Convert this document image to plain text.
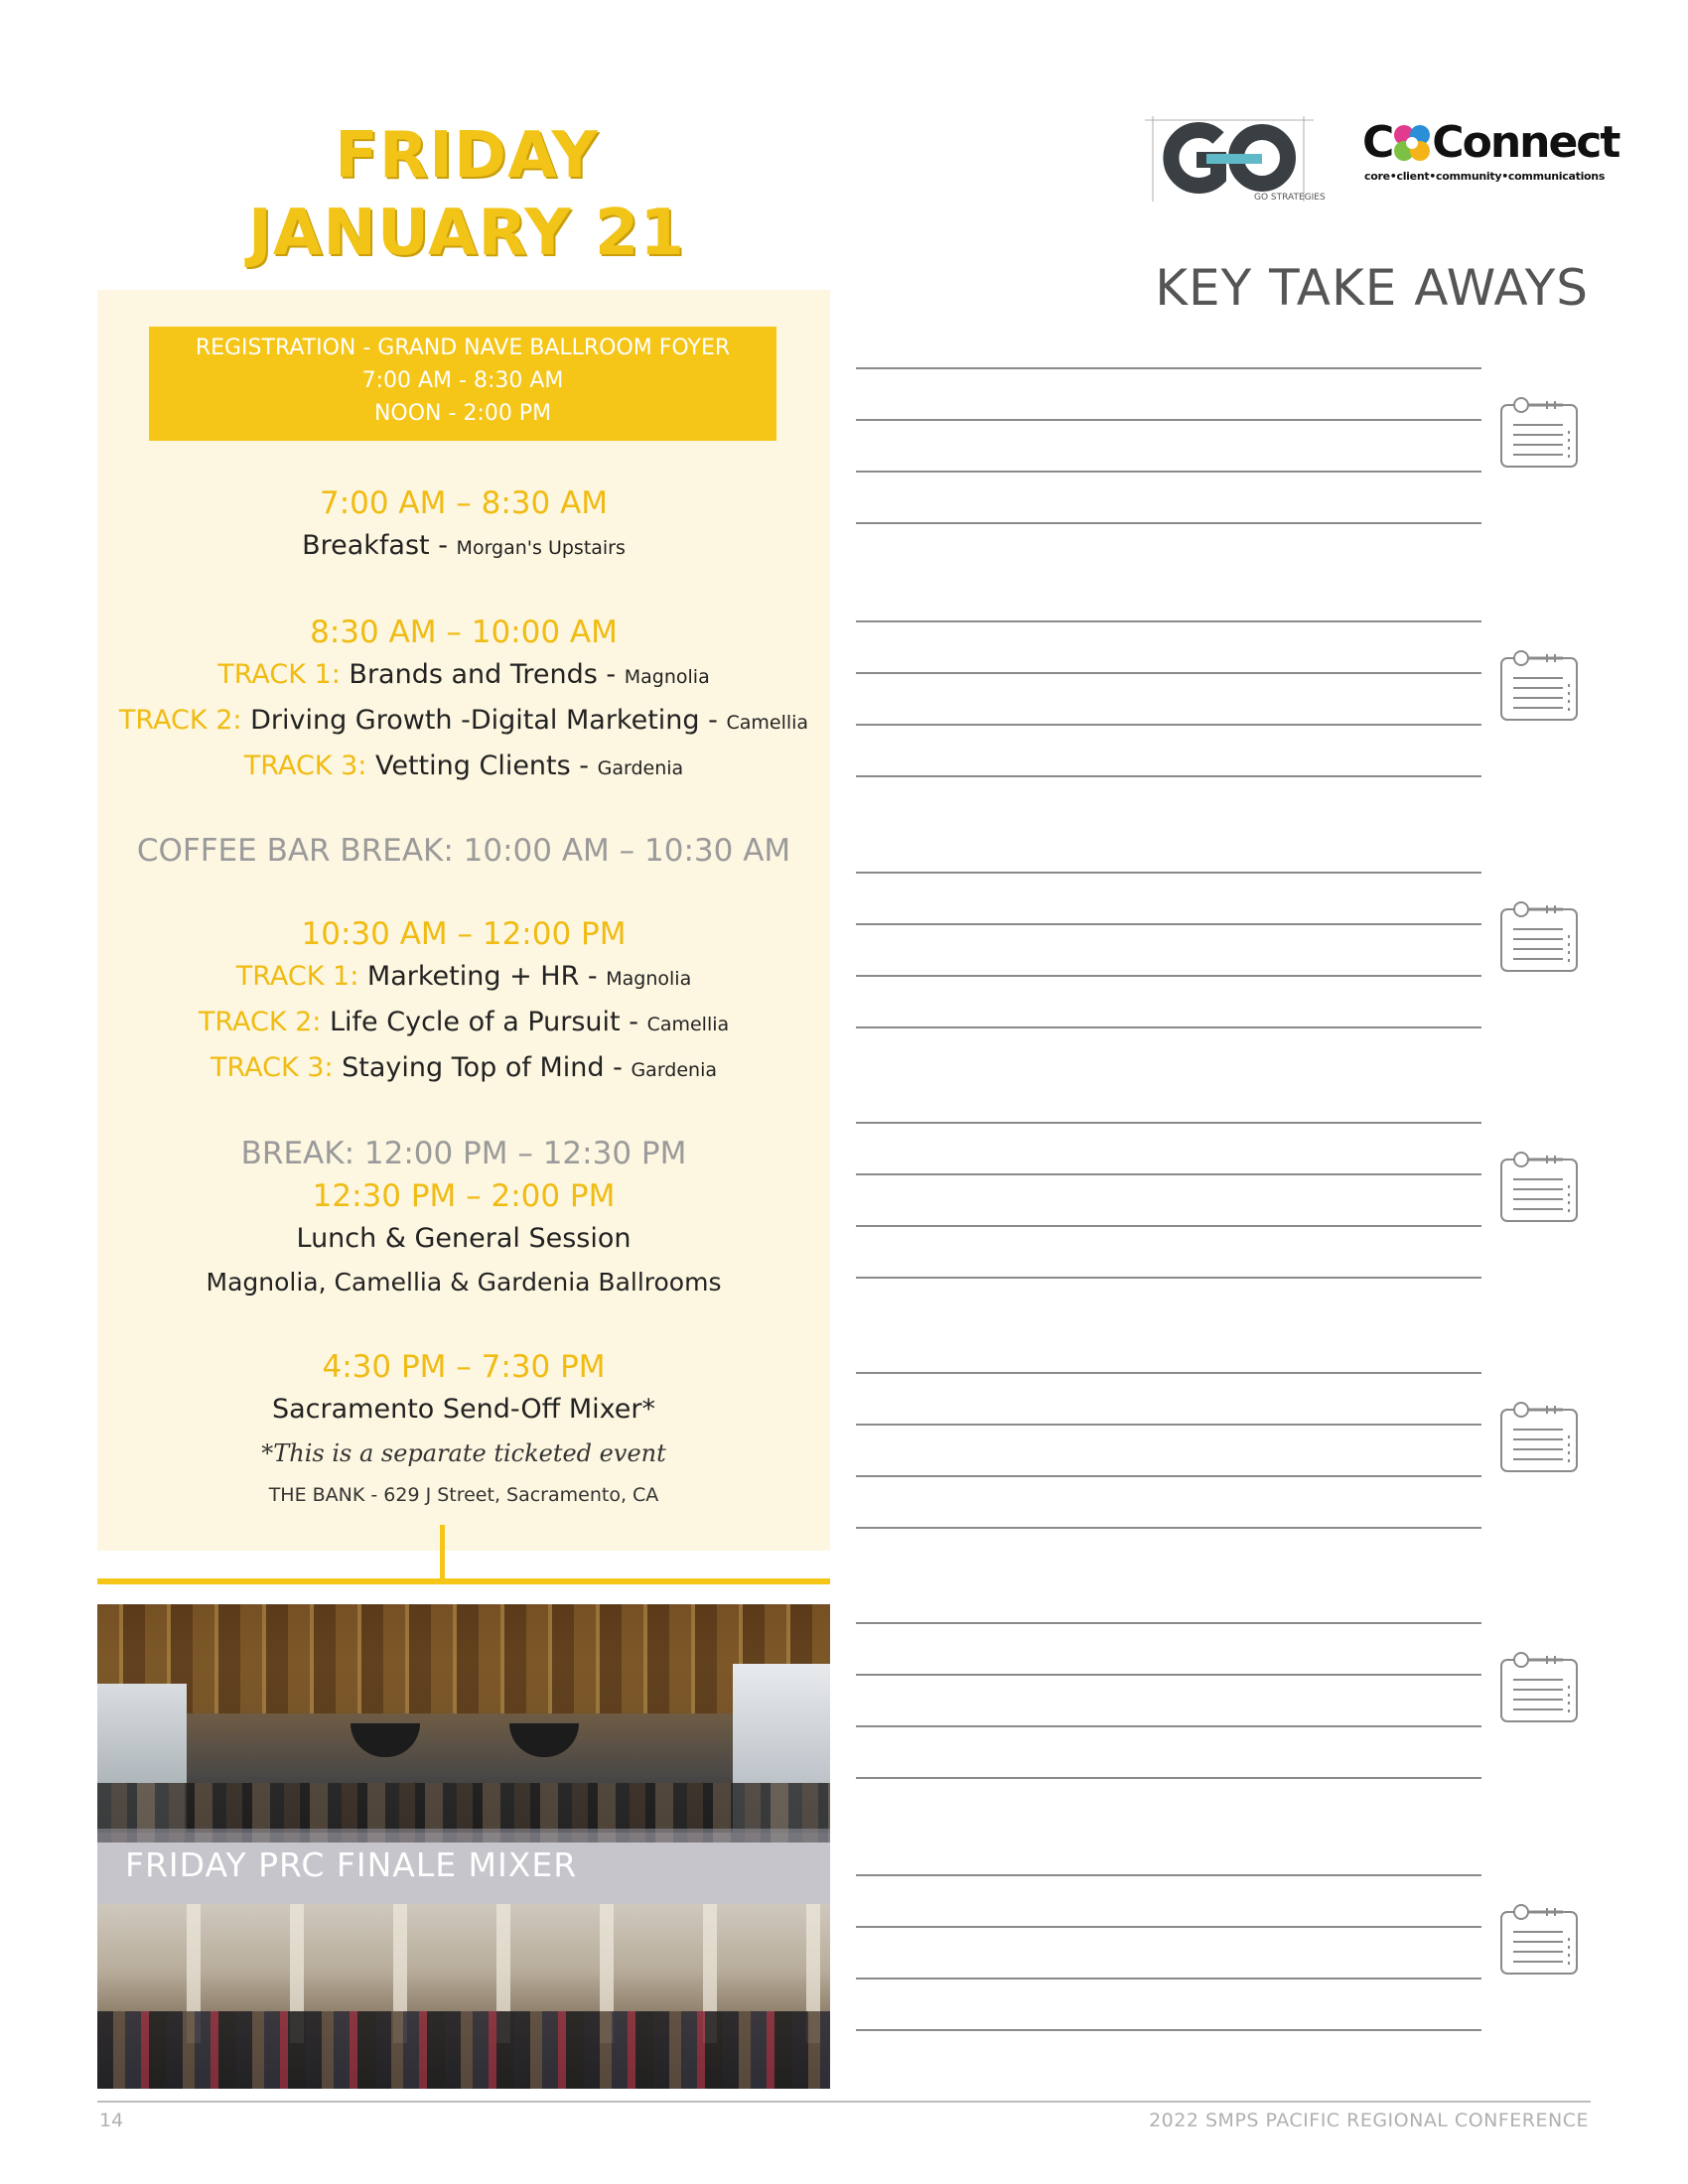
FRIDAY
JANUARY 21	GO STRATEGIES
C Connect
core•client•community•communications
KEY TAKE AWAYS
REGISTRATION - GRAND NAVE BALLROOM FOYER
7:00 AM - 8:30 AM
NOON - 2:00 PM
7:00 AM – 8:30 AM
Breakfast - Morgan's Upstairs
8:30 AM – 10:00 AM
TRACK 1: Brands and Trends - Magnolia
TRACK 2: Driving Growth -Digital Marketing - Camellia
TRACK 3: Vetting Clients - Gardenia
COFFEE BAR BREAK: 10:00 AM – 10:30 AM
10:30 AM – 12:00 PM
TRACK 1: Marketing + HR - Magnolia
TRACK 2: Life Cycle of a Pursuit - Camellia
TRACK 3: Staying Top of Mind - Gardenia
BREAK: 12:00 PM – 12:30 PM
12:30 PM – 2:00 PM
Lunch & General Session
Magnolia, Camellia & Gardenia Ballrooms
4:30 PM – 7:30 PM
Sacramento Send-Off Mixer*
*This is a separate ticketed event
THE BANK - 629 J Street, Sacramento, CA
FRIDAY PRC FINALE MIXER
14	2022 SMPS PACIFIC REGIONAL CONFERENCE
